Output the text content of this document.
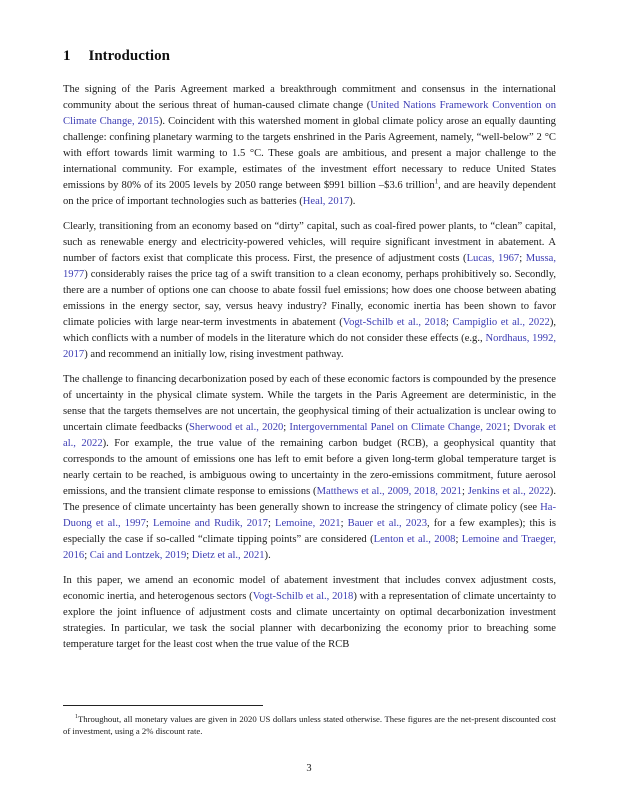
1 Introduction

The signing of the Paris Agreement marked a breakthrough commitment and consensus in the international community about the serious threat of human-caused climate change (United Nations Framework Convention on Climate Change, 2015). Coincident with this watershed moment in global climate policy arose an equally daunting challenge: confining planetary warming to the targets enshrined in the Paris Agreement, namely, “well-below” 2 °C with effort towards limit warming to 1.5 °C. These goals are ambitious, and present a major challenge to the international community. For example, estimates of the investment effort necessary to reduce United States emissions by 80% of its 2005 levels by 2050 range between $991 billion –$3.6 trillion$^1$, and are heavily dependent on the price of important technologies such as batteries (Heal, 2017).

Clearly, transitioning from an economy based on “dirty” capital, such as coal-fired power plants, to “clean” capital, such as renewable energy and electricity-powered vehicles, will require significant investment in abatement. A number of factors exist that complicate this process. First, the presence of adjustment costs (Lucas, 1967; Mussa, 1977) considerably raises the price tag of a swift transition to a clean economy, perhaps prohibitively so. Secondly, there are a number of options one can choose to abate fossil fuel emissions; how does one choose between abating emissions in the energy sector, say, versus heavy industry? Finally, economic inertia has been shown to favor climate policies with large near-term investments in abatement (Vogt-Schilb et al., 2018; Campiglio et al., 2022), which conflicts with a number of models in the literature which do not consider these effects (e.g., Nordhaus, 1992, 2017) and recommend an initially low, rising investment pathway.

The challenge to financing decarbonization posed by each of these economic factors is compounded by the presence of uncertainty in the physical climate system. While the targets in the Paris Agreement are deterministic, in the sense that the targets themselves are not uncertain, the geophysical timing of their actualization is unclear owing to uncertain climate feedbacks (Sherwood et al., 2020; Intergovernmental Panel on Climate Change, 2021; Dvorak et al., 2022). For example, the true value of the remaining carbon budget (RCB), a geophysical quantity that corresponds to the amount of emissions one has left to emit before a given long-term global temperature target is nearly certain to be reached, is ambiguous owing to uncertainty in the zero-emissions commitment, future aerosol emissions, and the transient climate response to emissions (Matthews et al., 2009, 2018, 2021; Jenkins et al., 2022). The presence of climate uncertainty has been generally shown to increase the stringency of climate policy (see Ha-Duong et al., 1997; Lemoine and Rudik, 2017; Lemoine, 2021; Bauer et al., 2023, for a few examples); this is especially the case if so-called “climate tipping points” are considered (Lenton et al., 2008; Lemoine and Traeger, 2016; Cai and Lontzek, 2019; Dietz et al., 2021).

In this paper, we amend an economic model of abatement investment that includes convex adjustment costs, economic inertia, and heterogenous sectors (Vogt-Schilb et al., 2018) with a representation of climate uncertainty to explore the joint influence of adjustment costs and climate uncertainty on optimal decarbonization investment strategies. In particular, we task the social planner with decarbonizing the economy prior to breaching some temperature target for the least cost when the true value of the RCB

$^1$Throughout, all monetary values are given in 2020 US dollars unless stated otherwise. These figures are the net-present discounted cost of investment, using a 2% discount rate.

3
